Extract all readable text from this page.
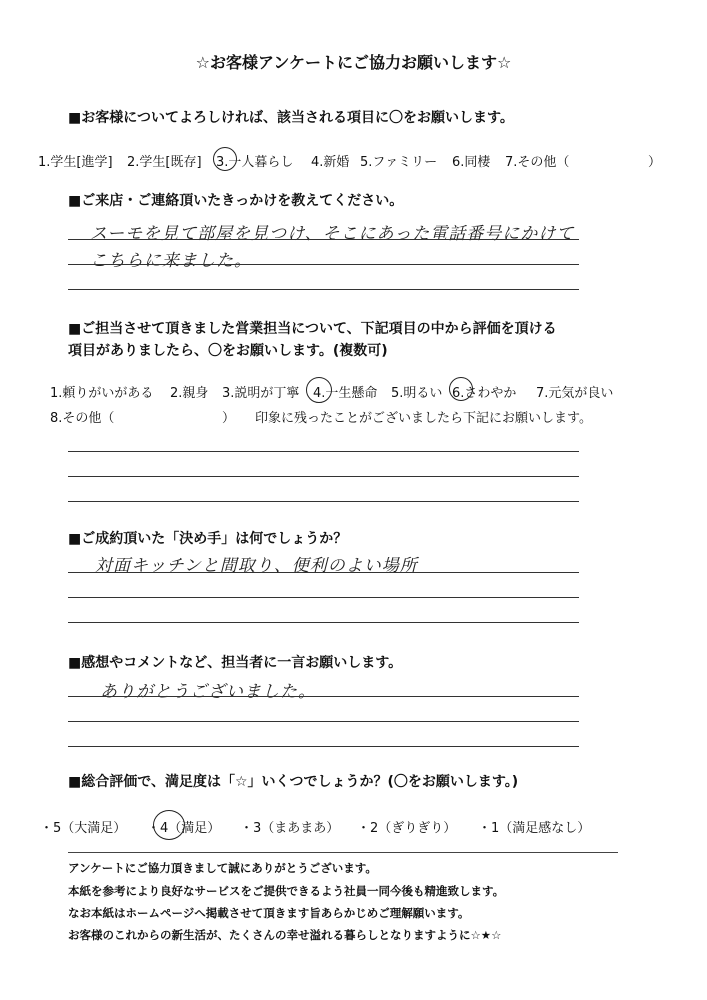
☆お客様アンケートにご協力お願いします☆
■お客様についてよろしければ、該当される項目に〇をお願いします。
1.学生[進学] 2.学生[既存] 3.一人暮らし 4.新婚 5.ファミリー 6.同棲 7.その他（	）
■ご来店・ご連絡頂いたきっかけを教えてください。
スーモを見て部屋を見つけ、そこにあった電話番号にかけて
こちらに来ました。
■ご担当させて頂きました営業担当について、下記項目の中から評価を頂ける
項目がありましたら、〇をお願いします。(複数可)
1.頼りがいがある 2.親身 3.説明が丁寧 4.一生懸命 5.明るい 6.さわやか 7.元気が良い
8.その他（	） 印象に残ったことがございましたら下記にお願いします。
■ご成約頂いた「決め手」は何でしょうか？
対面キッチンと間取り、便利のよい場所
■感想やコメントなど、担当者に一言お願いします。
ありがとうございました。
■総合評価で、満足度は「☆」いくつでしょうか？(〇をお願いします。)
・5（大満足） ・4（満足） ・3（まあまあ） ・2（ぎりぎり） ・1（満足感なし）
アンケートにご協力頂きまして誠にありがとうございます。
本紙を参考により良好なサービスをご提供できるよう社員一同今後も精進致します。
なお本紙はホームページへ掲載させて頂きます旨あらかじめご理解願います。
お客様のこれからの新生活が、たくさんの幸せ溢れる暮らしとなりますように☆★☆
